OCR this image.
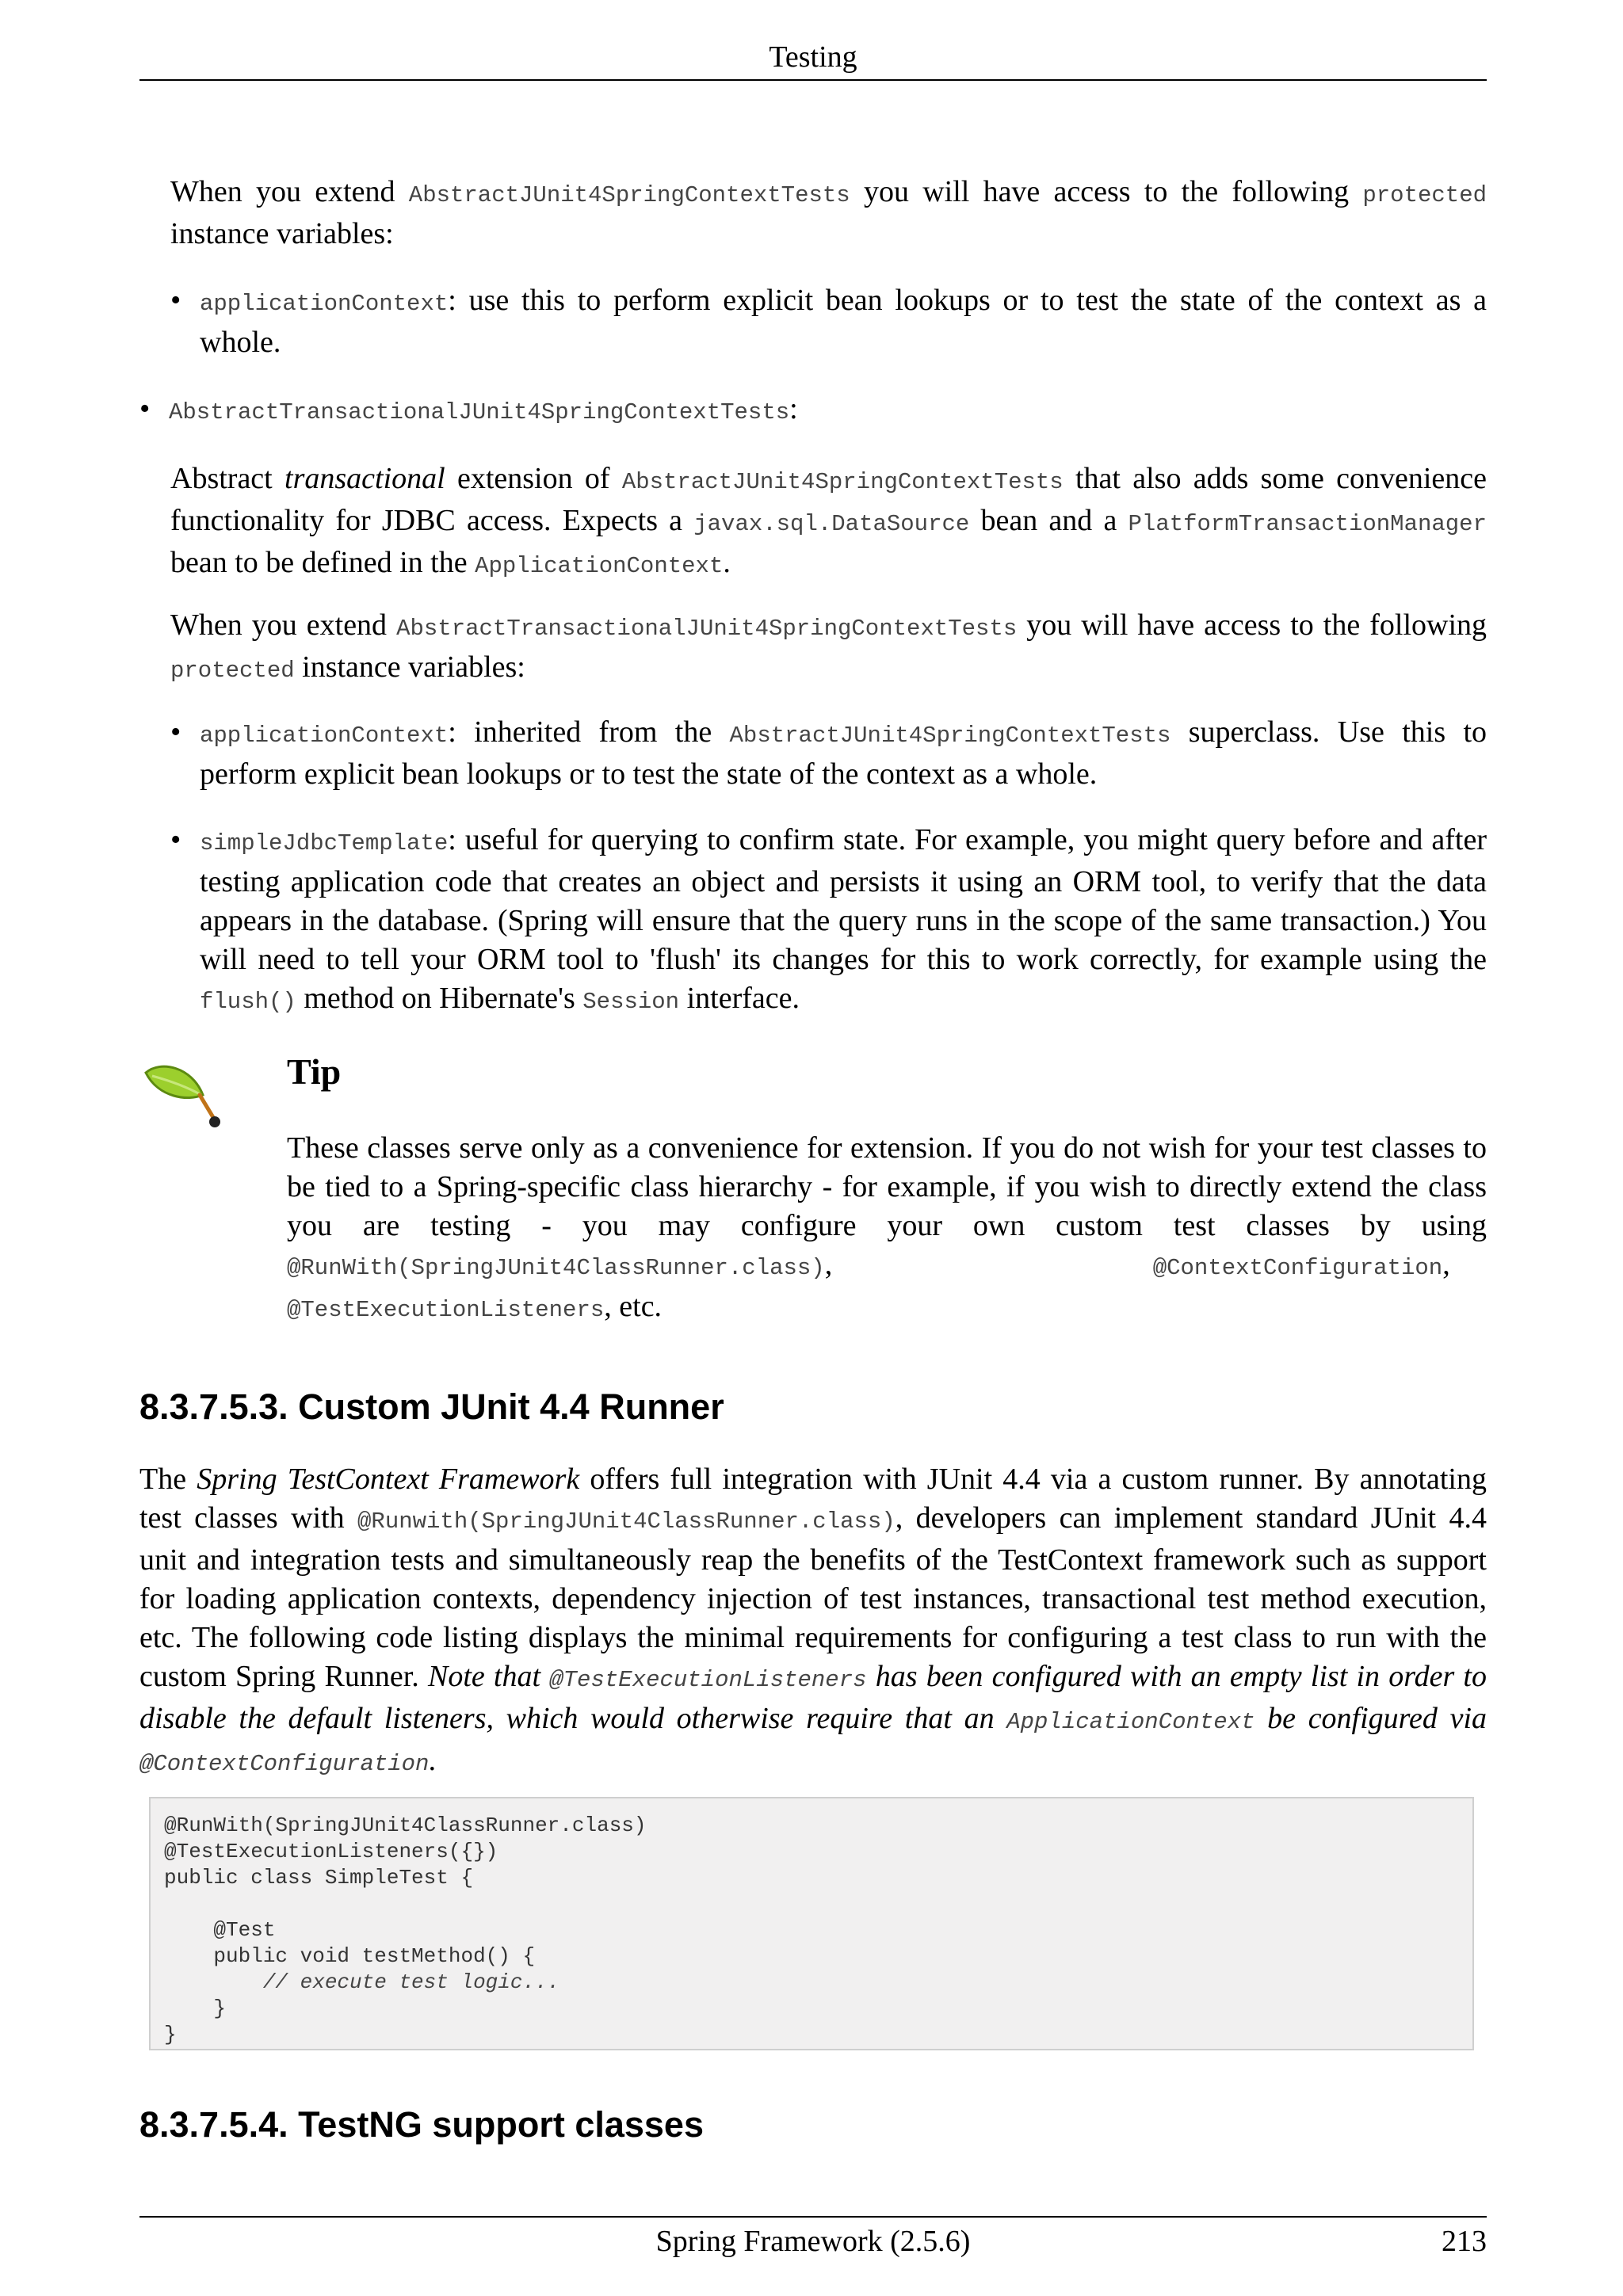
Testing

When you extend AbstractJUnit4SpringContextTests you will have access to the following protected instance variables:

• applicationContext: use this to perform explicit bean lookups or to test the state of the context as a whole.

• AbstractTransactionalJUnit4SpringContextTests:

Abstract transactional extension of AbstractJUnit4SpringContextTests that also adds some convenience functionality for JDBC access. Expects a javax.sql.DataSource bean and a PlatformTransactionManager bean to be defined in the ApplicationContext.

When you extend AbstractTransactionalJUnit4SpringContextTests you will have access to the following protected instance variables:

• applicationContext: inherited from the AbstractJUnit4SpringContextTests superclass. Use this to perform explicit bean lookups or to test the state of the context as a whole.

• simpleJdbcTemplate: useful for querying to confirm state. For example, you might query before and after testing application code that creates an object and persists it using an ORM tool, to verify that the data appears in the database. (Spring will ensure that the query runs in the scope of the same transaction.) You will need to tell your ORM tool to 'flush' its changes for this to work correctly, for example using the flush() method on Hibernate's Session interface.

Tip

These classes serve only as a convenience for extension. If you do not wish for your test classes to be tied to a Spring-specific class hierarchy - for example, if you wish to directly extend the class you are testing - you may configure your own custom test classes by using @RunWith(SpringJUnit4ClassRunner.class),	@ContextConfiguration,
@TestExecutionListeners, etc.

8.3.7.5.3. Custom JUnit 4.4 Runner

The Spring TestContext Framework offers full integration with JUnit 4.4 via a custom runner. By annotating test classes with @Runwith(SpringJUnit4ClassRunner.class), developers can implement standard JUnit 4.4 unit and integration tests and simultaneously reap the benefits of the TestContext framework such as support for loading application contexts, dependency injection of test instances, transactional test method execution, etc. The following code listing displays the minimal requirements for configuring a test class to run with the custom Spring Runner. Note that @TestExecutionListeners has been configured with an empty list in order to disable the default listeners, which would otherwise require that an ApplicationContext be configured via @ContextConfiguration.

@RunWith(SpringJUnit4ClassRunner.class)
@TestExecutionListeners({})
public class SimpleTest {

@Test
public void testMethod() {
// execute test logic...
}
}
8.3.7.5.4. TestNG support classes
Spring Framework (2.5.6)	213
